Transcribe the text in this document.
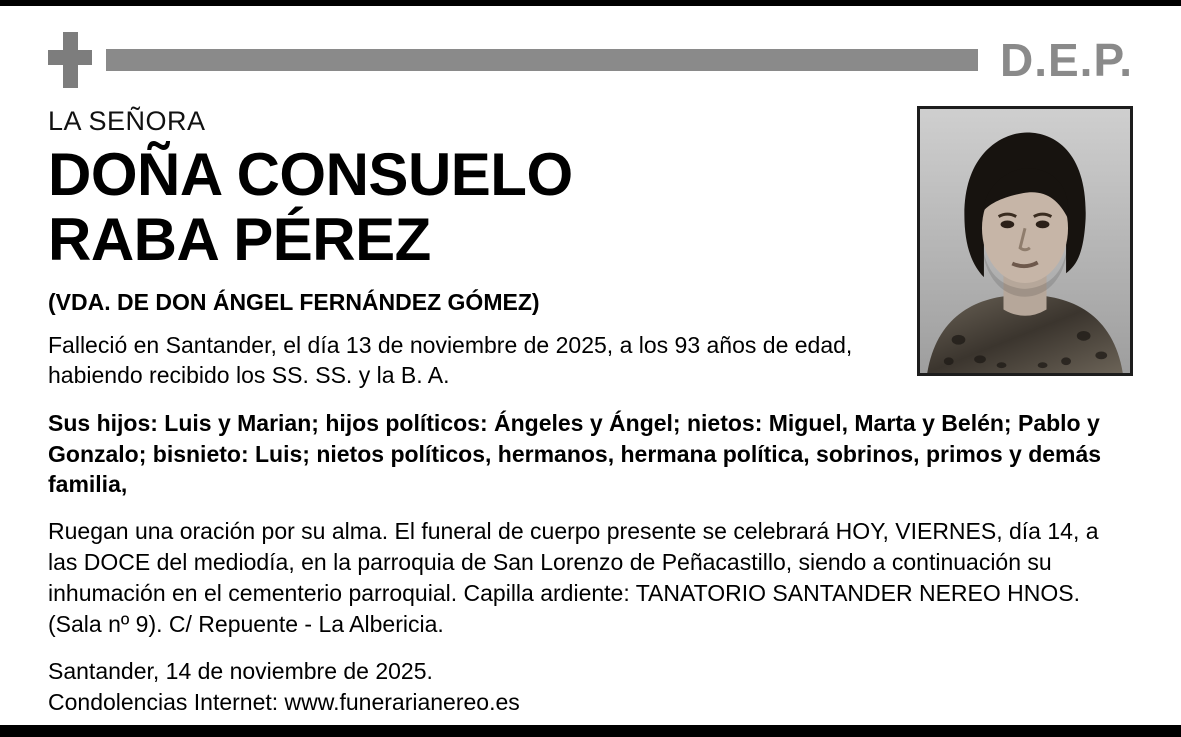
D.E.P.
LA SEÑORA
DOÑA CONSUELO
RABA PÉREZ
(VDA. DE DON ÁNGEL FERNÁNDEZ GÓMEZ)
Falleció en Santander, el día 13 de noviembre de 2025, a los 93 años de edad, habiendo recibido los SS. SS. y la B. A.
Sus hijos: Luis y Marian; hijos políticos: Ángeles y Ángel; nietos: Miguel, Marta y Belén; Pablo y Gonzalo; bisnieto: Luis; nietos políticos, hermanos, hermana política, sobrinos, primos y demás familia,
Ruegan una oración por su alma. El funeral de cuerpo presente se celebrará HOY, VIERNES, día 14, a las DOCE del mediodía, en la parroquia de San Lorenzo de Peñacastillo, siendo a continuación su inhumación en el cementerio parroquial. Capilla ardiente: TANATORIO SANTANDER NEREO HNOS. (Sala nº 9). C/ Repuente - La Albericia.
Santander, 14 de noviembre de 2025.
Condolencias Internet: www.funerarianereo.es
